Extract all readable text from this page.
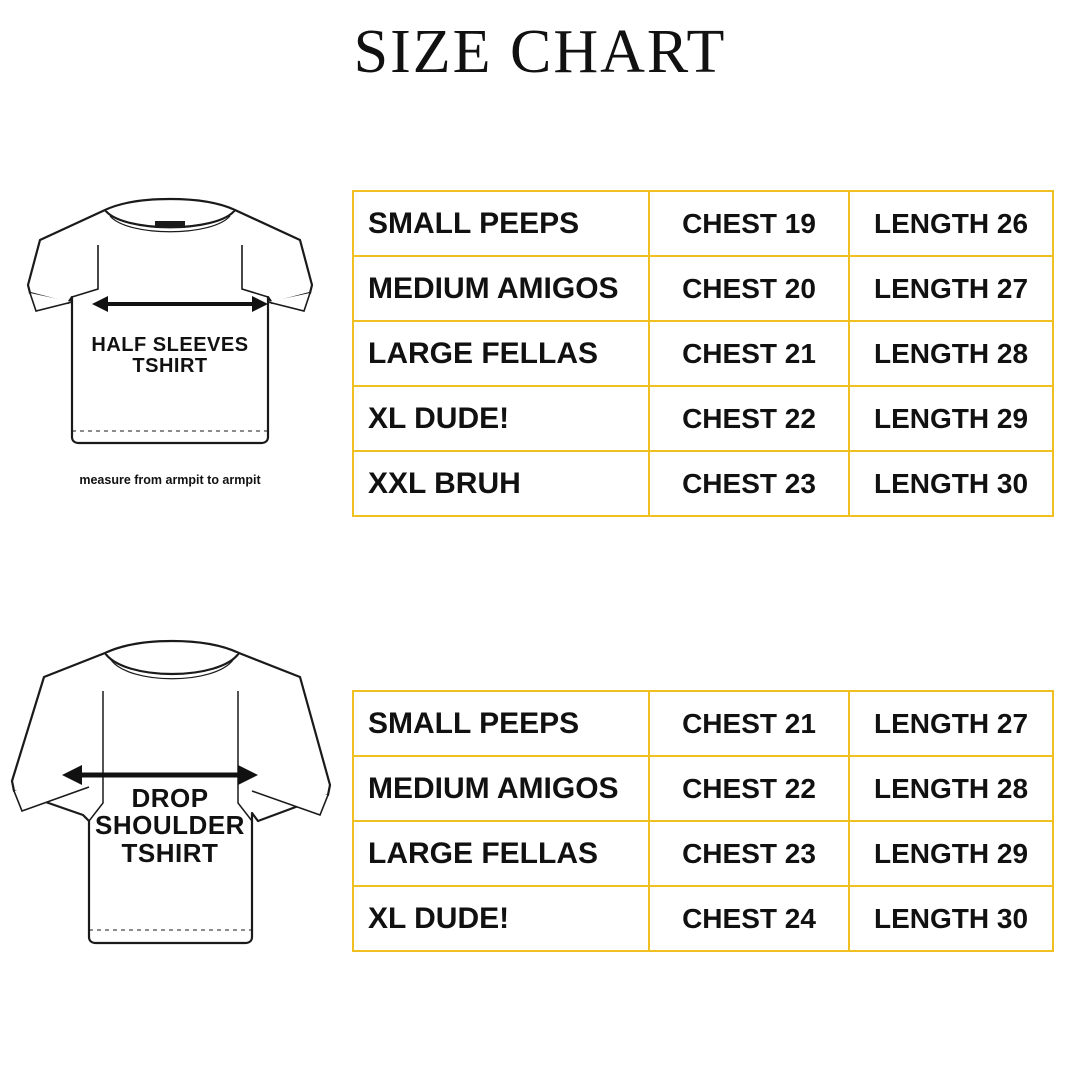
SIZE CHART
HALF SLEEVES
TSHIRT
measure from armpit to armpit
SMALL PEEPS	CHEST 19	LENGTH 26
MEDIUM AMIGOS	CHEST 20	LENGTH 27
LARGE FELLAS	CHEST 21	LENGTH 28
XL DUDE!	CHEST 22	LENGTH 29
XXL BRUH	CHEST 23	LENGTH 30
DROP
SHOULDER
TSHIRT
SMALL PEEPS	CHEST 21	LENGTH 27
MEDIUM AMIGOS	CHEST 22	LENGTH 28
LARGE FELLAS	CHEST 23	LENGTH 29
XL DUDE!	CHEST 24	LENGTH 30
